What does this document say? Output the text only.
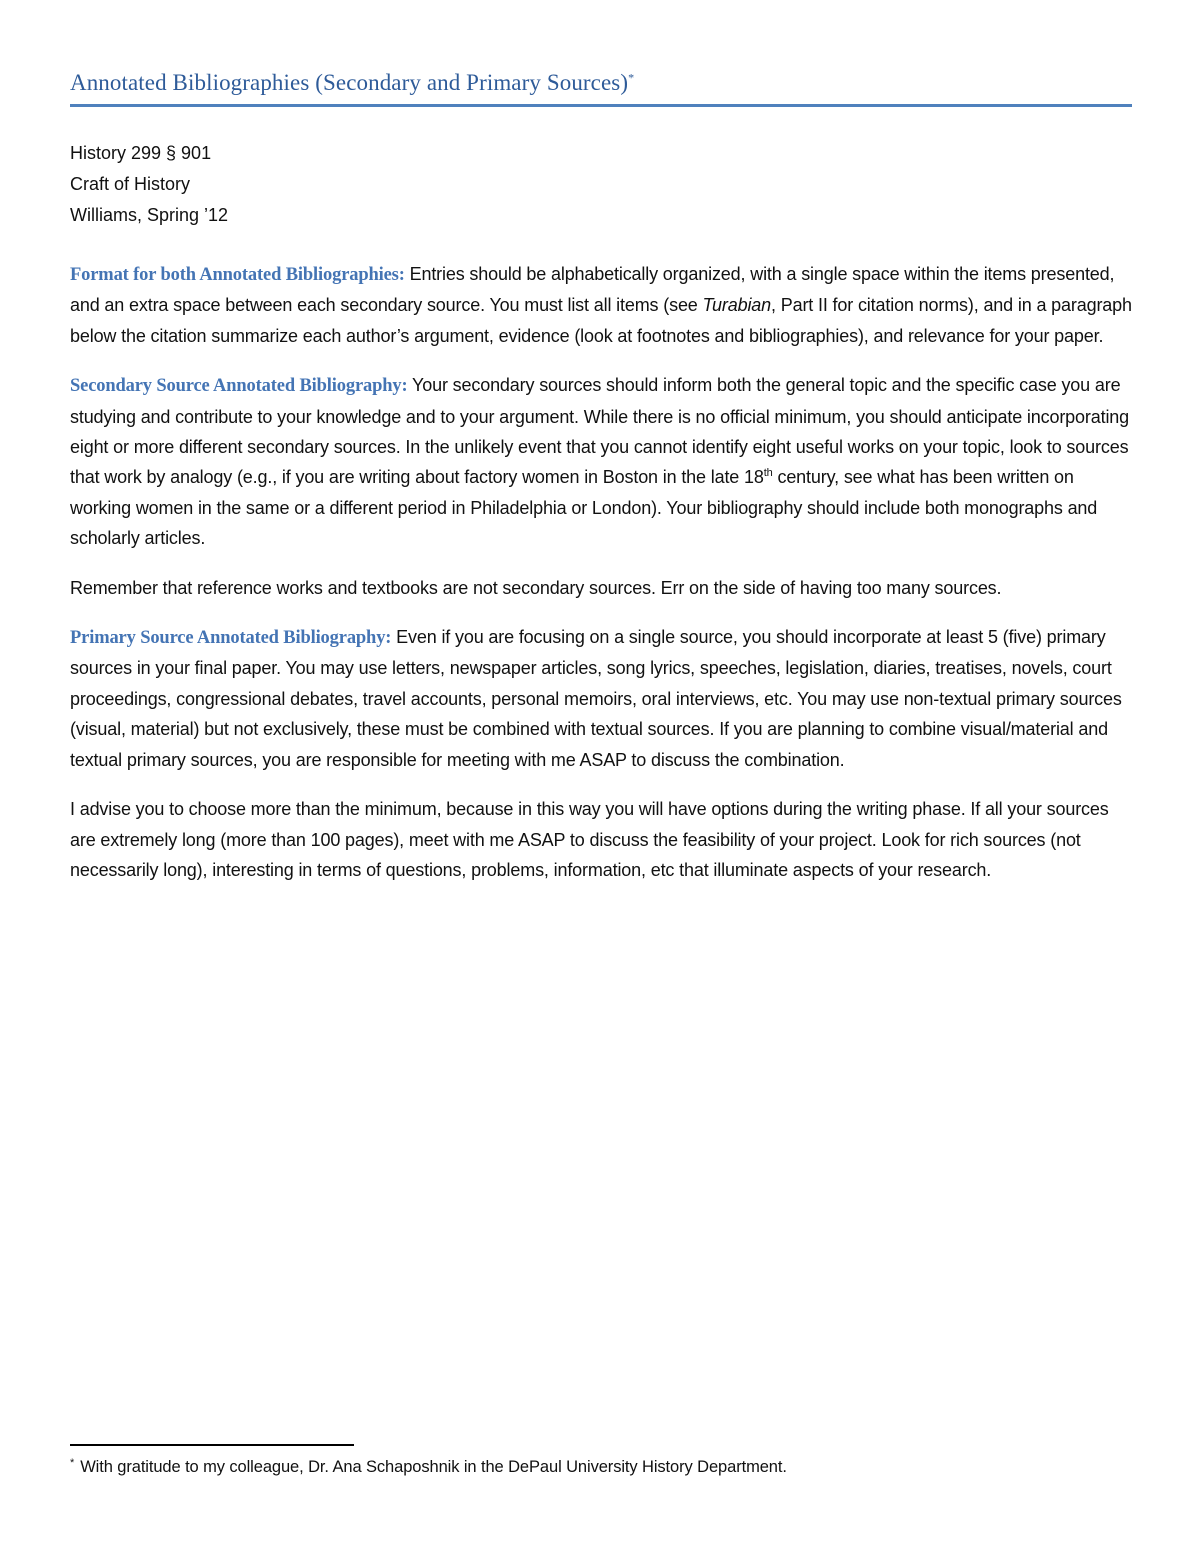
Annotated Bibliographies (Secondary and Primary Sources)*
History 299 § 901
Craft of History
Williams, Spring ’12

Format for both Annotated Bibliographies: Entries should be alphabetically organized, with a single space within the items presented, and an extra space between each secondary source. You must list all items (see Turabian, Part II for citation norms), and in a paragraph below the citation summarize each author’s argument, evidence (look at footnotes and bibliographies), and relevance for your paper.

Secondary Source Annotated Bibliography: Your secondary sources should inform both the general topic and the specific case you are studying and contribute to your knowledge and to your argument. While there is no official minimum, you should anticipate incorporating eight or more different secondary sources. In the unlikely event that you cannot identify eight useful works on your topic, look to sources that work by analogy (e.g., if you are writing about factory women in Boston in the late 18th century, see what has been written on working women in the same or a different period in Philadelphia or London). Your bibliography should include both monographs and scholarly articles.

Remember that reference works and textbooks are not secondary sources. Err on the side of having too many sources.

Primary Source Annotated Bibliography: Even if you are focusing on a single source, you should incorporate at least 5 (five) primary sources in your final paper. You may use letters, newspaper articles, song lyrics, speeches, legislation, diaries, treatises, novels, court proceedings, congressional debates, travel accounts, personal memoirs, oral interviews, etc. You may use non-textual primary sources (visual, material) but not exclusively, these must be combined with textual sources. If you are planning to combine visual/material and textual primary sources, you are responsible for meeting with me ASAP to discuss the combination.

I advise you to choose more than the minimum, because in this way you will have options during the writing phase. If all your sources are extremely long (more than 100 pages), meet with me ASAP to discuss the feasibility of your project. Look for rich sources (not necessarily long), interesting in terms of questions, problems, information, etc that illuminate aspects of your research.

* With gratitude to my colleague, Dr. Ana Schaposhnik in the DePaul University History Department.
